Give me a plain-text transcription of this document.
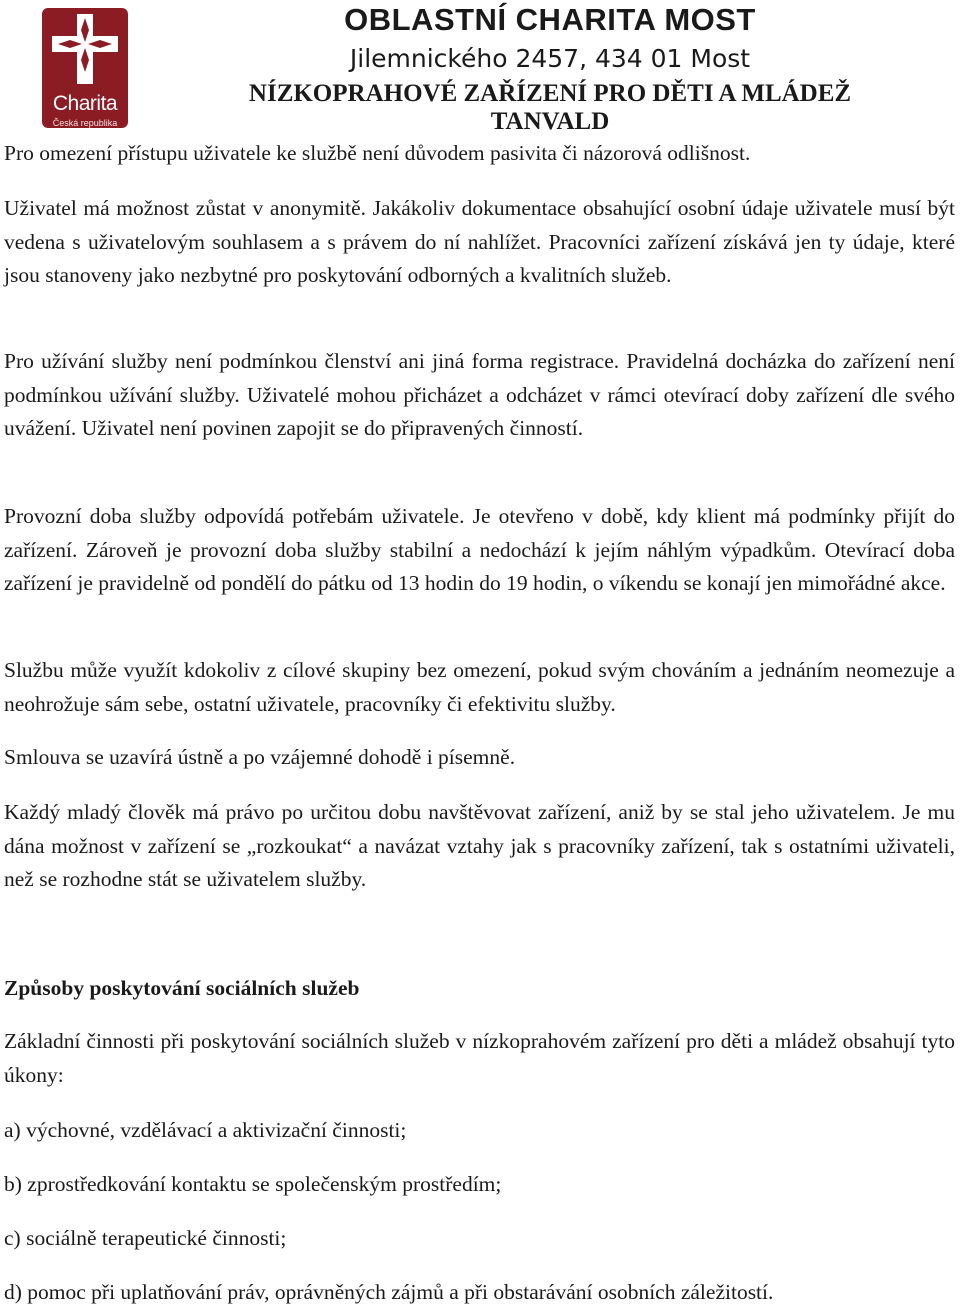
Charita
Česká republika
OBLASTNÍ CHARITA MOST
Jilemnického 2457, 434 01 Most
NÍZKOPRAHOVÉ ZAŘÍZENÍ PRO DĚTI A MLÁDEŽ
TANVALD
Pro omezení přístupu uživatele ke službě není důvodem pasivita či názorová odlišnost.
Uživatel má možnost zůstat v anonymitě. Jakákoliv dokumentace obsahující osobní údaje uživatele musí být vedena s uživatelovým souhlasem a s právem do ní nahlížet. Pracovníci zařízení získává jen ty údaje, které jsou stanoveny jako nezbytné pro poskytování odborných a kvalitních služeb.
Pro užívání služby není podmínkou členství ani jiná forma registrace. Pravidelná docházka do zařízení není podmínkou užívání služby. Uživatelé mohou přicházet a odcházet v rámci otevírací doby zařízení dle svého uvážení. Uživatel není povinen zapojit se do připravených činností.
Provozní doba služby odpovídá potřebám uživatele. Je otevřeno v době, kdy klient má podmínky přijít do zařízení. Zároveň je provozní doba služby stabilní a nedochází k jejím náhlým výpadkům. Otevírací doba zařízení je pravidelně od pondělí do pátku od 13 hodin do 19 hodin, o víkendu se konají jen mimořádné akce.
Službu může využít kdokoliv z cílové skupiny bez omezení, pokud svým chováním a jednáním neomezuje a neohrožuje sám sebe, ostatní uživatele, pracovníky či efektivitu služby.
Smlouva se uzavírá ústně a po vzájemné dohodě i písemně.
Každý mladý člověk má právo po určitou dobu navštěvovat zařízení, aniž by se stal jeho uživatelem. Je mu dána možnost v zařízení se „rozkoukat“ a navázat vztahy jak s pracovníky zařízení, tak s ostatními uživateli, než se rozhodne stát se uživatelem služby.
Způsoby poskytování sociálních služeb
Základní činnosti při poskytování sociálních služeb v nízkoprahovém zařízení pro děti a mládež obsahují tyto úkony:
a) výchovné, vzdělávací a aktivizační činnosti;
b) zprostředkování kontaktu se společenským prostředím;
c) sociálně terapeutické činnosti;
d) pomoc při uplatňování práv, oprávněných zájmů a při obstarávání osobních záležitostí.
